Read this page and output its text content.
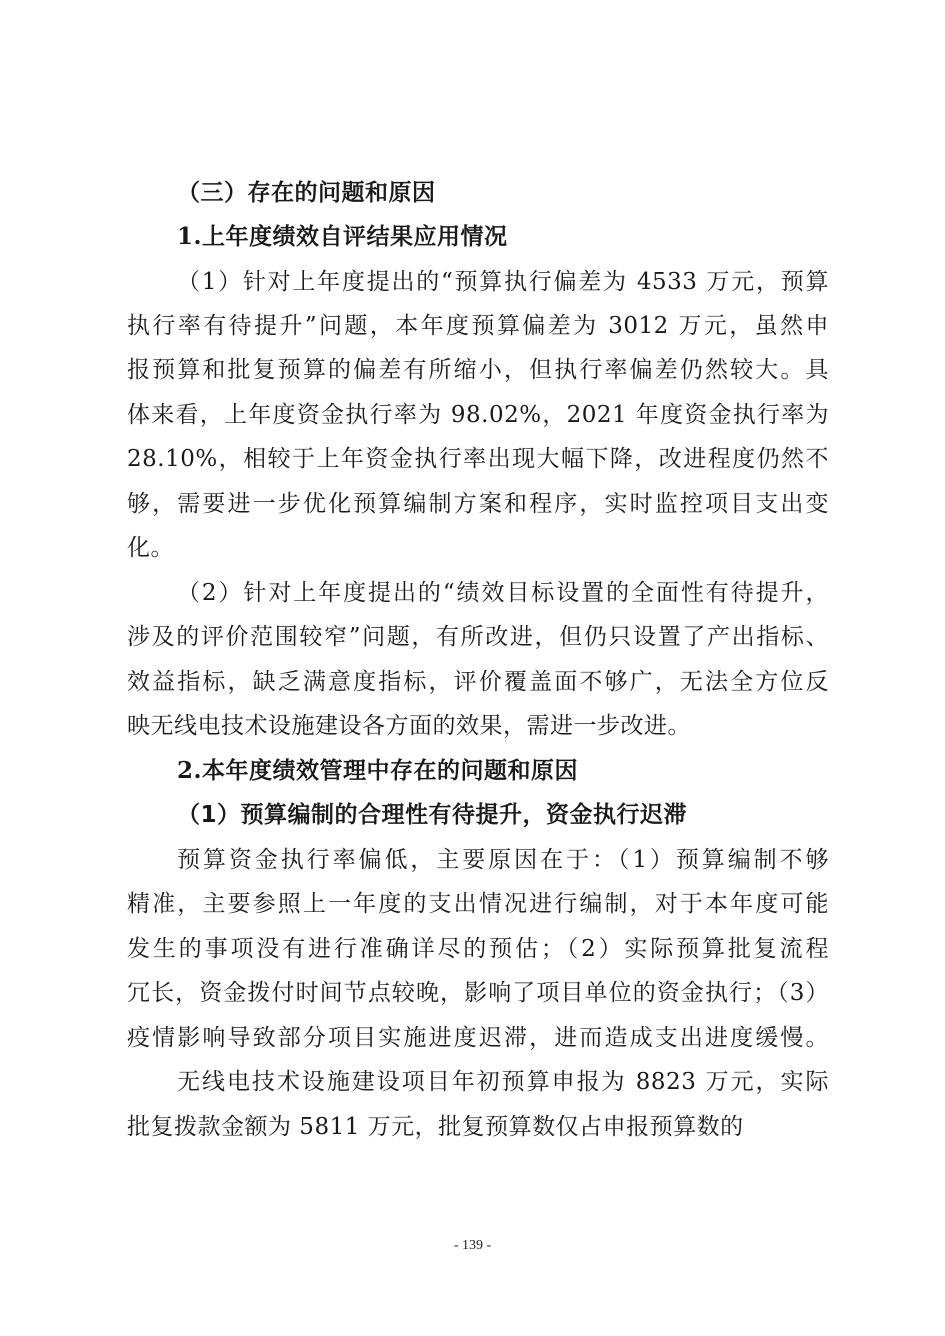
（三）存在的问题和原因
1.上年度绩效自评结果应用情况
（1）针对上年度提出的“预算执行偏差为 4533 万元，预算
执行率有待提升”问题，本年度预算偏差为 3012 万元，虽然申
报预算和批复预算的偏差有所缩小，但执行率偏差仍然较大。具
体来看，上年度资金执行率为 98.02%，2021 年度资金执行率为
28.10%，相较于上年资金执行率出现大幅下降，改进程度仍然不
够，需要进一步优化预算编制方案和程序，实时监控项目支出变
化。
（2）针对上年度提出的“绩效目标设置的全面性有待提升，
涉及的评价范围较窄”问题，有所改进，但仍只设置了产出指标、
效益指标，缺乏满意度指标，评价覆盖面不够广，无法全方位反
映无线电技术设施建设各方面的效果，需进一步改进。
2.本年度绩效管理中存在的问题和原因
（1）预算编制的合理性有待提升，资金执行迟滞
预算资金执行率偏低，主要原因在于：（1）预算编制不够
精准，主要参照上一年度的支出情况进行编制，对于本年度可能
发生的事项没有进行准确详尽的预估；（2）实际预算批复流程
冗长，资金拨付时间节点较晚，影响了项目单位的资金执行；（3）
疫情影响导致部分项目实施进度迟滞，进而造成支出进度缓慢。
无线电技术设施建设项目年初预算申报为 8823 万元，实际
批复拨款金额为 5811 万元，批复预算数仅占申报预算数的
- 139 -
